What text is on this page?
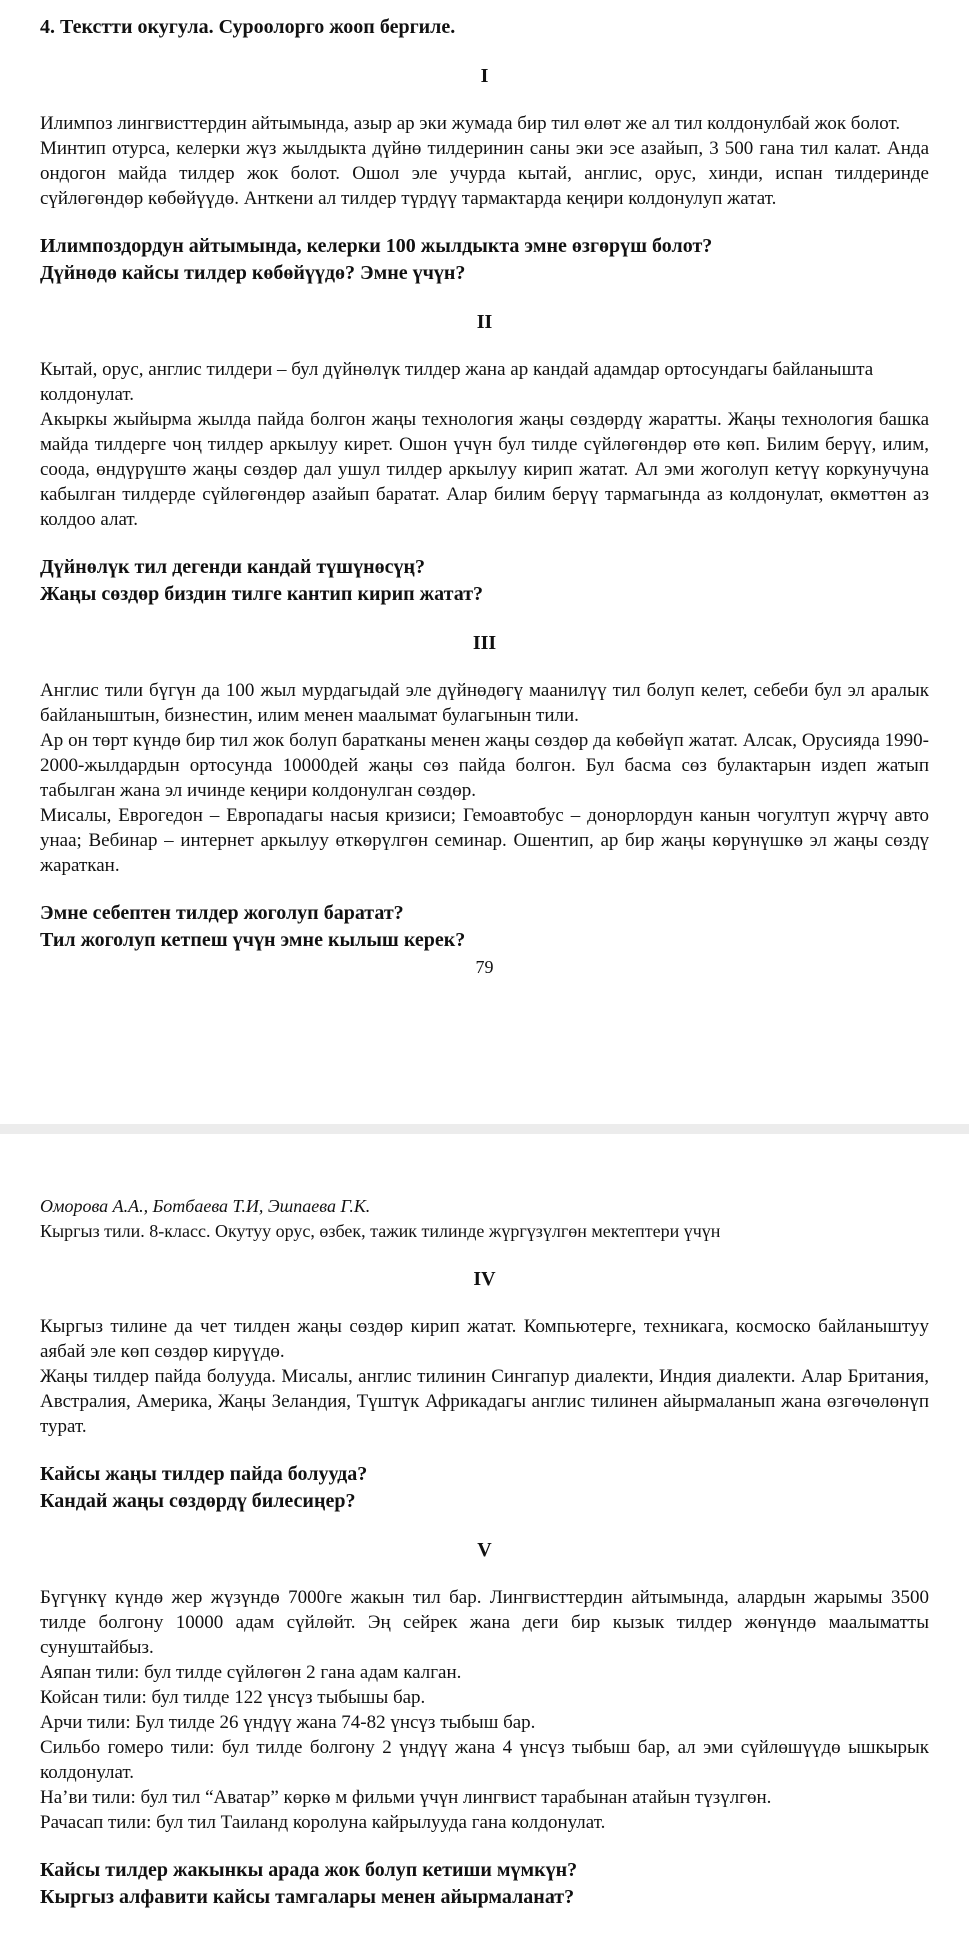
4. Текстти окугула. Суроолорго жооп бергиле.

I

Илимпоз лингвисттердин айтымында, азыр ар эки жумада бир тил өлөт же ал тил колдонулбай жок болот.

Минтип отурса, келерки жүз жылдыкта дүйнө тилдеринин саны эки эсе азайып, 3 500 гана тил калат. Анда ондогон майда тилдер жок болот. Ошол эле учурда кытай, англис, орус, хинди, испан тилдеринде сүйлөгөндөр көбөйүүдө. Анткени ал тилдер түрдүү тармактарда кеңири колдонулуп жатат.

Илимпоздордун айтымында, келерки 100 жылдыкта эмне өзгөрүш болот?

Дүйнөдө кайсы тилдер көбөйүүдө? Эмне үчүн?

II

Кытай, орус, англис тилдери – бул дүйнөлүк тилдер жана ар кандай адамдар ортосундагы байланышта колдонулат.

Акыркы жыйырма жылда пайда болгон жаңы технология жаңы сөздөрдү жаратты. Жаңы технология башка майда тилдерге чоң тилдер аркылуу кирет. Ошон үчүн бул тилде сүйлөгөндөр өтө көп. Билим берүү, илим, соода, өндүрүштө жаңы сөздөр дал ушул тилдер аркылуу кирип жатат. Ал эми жоголуп кетүү коркунучуна кабылган тилдерде сүйлөгөндөр азайып баратат. Алар билим берүү тармагында аз колдонулат, өкмөттөн аз колдоо алат.

Дүйнөлүк тил дегенди кандай түшүнөсүң?

Жаңы сөздөр биздин тилге кантип кирип жатат?

III

Англис тили бүгүн да 100 жыл мурдагыдай эле дүйнөдөгү маанилүү тил болуп келет, себеби бул эл аралык байланыштын, бизнестин, илим менен маалымат булагынын тили.

Ар он төрт күндө бир тил жок болуп баратканы менен жаңы сөздөр да көбөйүп жатат. Алсак, Орусияда 1990-2000-жылдардын ортосунда 10000дей жаңы сөз пайда болгон. Бул басма сөз булактарын издеп жатып табылган жана эл ичинде кеңири колдонулган сөздөр.

Мисалы, Еврогедон – Европадагы насыя кризиси; Гемоавтобус – донорлордун канын чогултуп жүрчү авто унаа; Вебинар – интернет аркылуу өткөрүлгөн семинар. Ошентип, ар бир жаңы көрүнүшкө эл жаңы сөздү жараткан.

Эмне себептен тилдер жоголуп баратат?

Тил жоголуп кетпеш үчүн эмне кылыш керек?

79

Оморова А.А., Ботбаева Т.И, Эшпаева Г.К.

Кыргыз тили. 8-класс. Окутуу орус, өзбек, тажик тилинде жүргүзүлгөн мектептери үчүн

IV

Кыргыз тилине да чет тилден жаңы сөздөр кирип жатат. Компьютерге, техникага, космоско байланыштуу аябай эле көп сөздөр кирүүдө.

Жаңы тилдер пайда болууда. Мисалы, англис тилинин Сингапур диалекти, Индия диалекти. Алар Британия, Австралия, Америка, Жаңы Зеландия, Түштүк Африкадагы англис тилинен айырмаланып жана өзгөчөлөнүп турат.

Кайсы жаңы тилдер пайда болууда?

Кандай жаңы сөздөрдү билесиңер?

V

Бүгүнкү күндө жер жүзүндө 7000ге жакын тил бар. Лингвисттердин айтымында, алардын жарымы 3500 тилде болгону 10000 адам сүйлөйт. Эң сейрек жана деги бир кызык тилдер жөнүндө маалыматты сунуштайбыз.

Аяпан тили: бул тилде сүйлөгөн 2 гана адам калган.

Койсан тили: бул тилде 122 үнсүз тыбышы бар.

Арчи тили: Бул тилде 26 үндүү жана 74-82 үнсүз тыбыш бар.

Сильбо гомеро тили: бул тилде болгону 2 үндүү жана 4 үнсүз тыбыш бар, ал эми сүйлөшүүдө ышкырык колдонулат.

На’ви тили: бул тил “Аватар” көркө м фильми үчүн лингвист тарабынан атайын түзүлгөн.

Рачасап тили: бул тил Таиланд королуна кайрылууда гана колдонулат.

Кайсы тилдер жакынкы арада жок болуп кетиши мүмкүн?

Кыргыз алфавити кайсы тамгалары менен айырмаланат?
